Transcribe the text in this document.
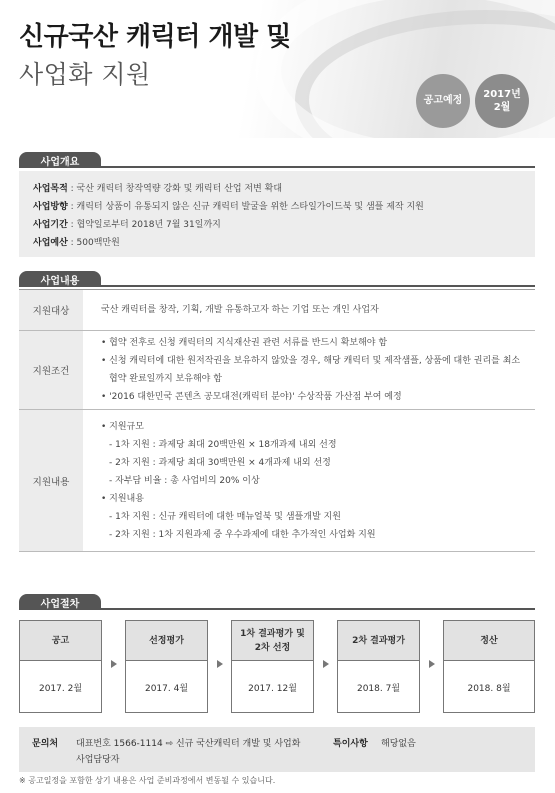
신규국산 캐릭터 개발 및
사업화 지원
공고예정
2017년
2월
사업개요
사업목적 : 국산 캐릭터 창작역량 강화 및 캐릭터 산업 저변 확대
사업방향 : 캐릭터 상품이 유통되지 않은 신규 캐릭터 발굴을 위한 스타일가이드북 및 샘플 제작 지원
사업기간 : 협약일로부터 2018년 7월 31일까지
사업예산 : 500백만원
사업내용
지원대상	국산 캐릭터를 창작, 기획, 개발 유통하고자 하는 기업 또는 개인 사업자
지원조건
• 협약 전후로 신청 캐릭터의 지식재산권 관련 서류를 반드시 확보해야 함
• 신청 캐릭터에 대한 원저작권을 보유하지 않았을 경우, 해당 캐릭터 및 제작샘플, 상품에 대한 권리를 최소
협약 완료일까지 보유해야 함
• '2016 대한민국 콘텐츠 공모대전(캐릭터 분야)' 수상작품 가산점 부여 예정
지원내용
• 지원규모
- 1차 지원 : 과제당 최대 20백만원 × 18개과제 내외 선정
- 2차 지원 : 과제당 최대 30백만원 × 4개과제 내외 선정
- 자부담 비율 : 총 사업비의 20% 이상
• 지원내용
- 1차 지원 : 신규 캐릭터에 대한 매뉴얼북 및 샘플개발 지원
- 2차 지원 : 1차 지원과제 중 우수과제에 대한 추가적인 사업화 지원
사업절차
공고
2017. 2월
선정평가
2017. 4월
1차 결과평가 및
2차 선정
2017. 12월
2차 결과평가
2018. 7월
정산
2018. 8월
문의처	대표번호 1566-1114 ⇨ 신규 국산캐릭터 개발 및 사업화	특이사항	해당없음
사업담당자
※ 공고일정을 포함한 상기 내용은 사업 준비과정에서 변동될 수 있습니다.
